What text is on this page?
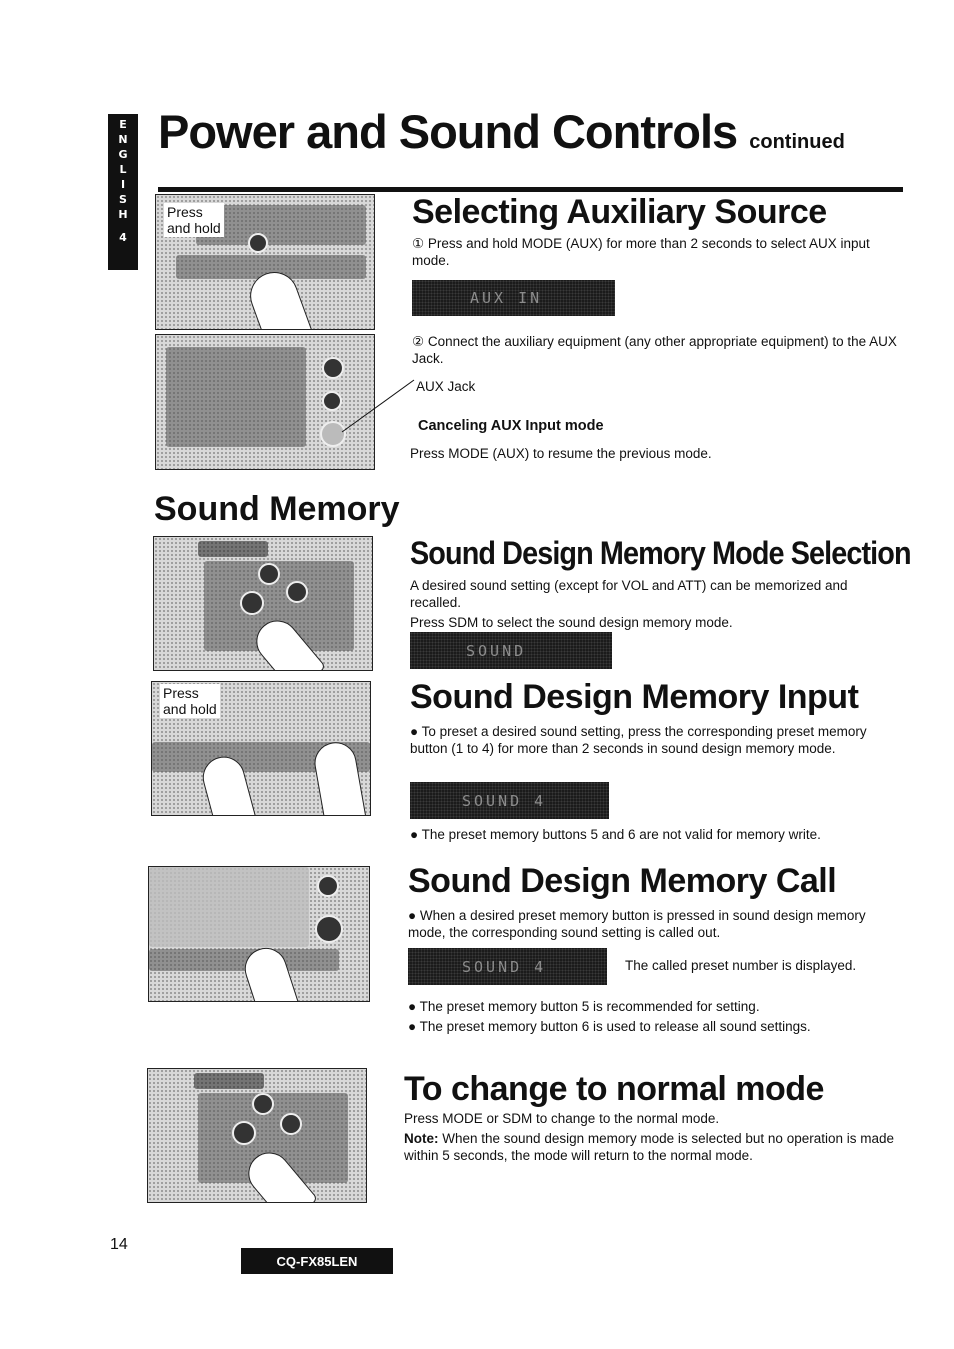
E
N
G
L
I
S
H
4
Power and Sound Controls continued
Press
and hold	Selecting Auxiliary Source
① Press and hold MODE (AUX) for more than 2 seconds to select AUX input mode.
AUX IN
② Connect the auxiliary equipment (any other appropriate equipment) to the AUX Jack.
AUX Jack
Canceling AUX Input mode
Press MODE (AUX) to resume the previous mode.
Sound Memory
Sound Design Memory Mode Selection
A desired sound setting (except for VOL and ATT) can be memorized and recalled.
Press SDM to select the sound design memory mode.
SOUND
Press
and hold	Sound Design Memory Input
● To preset a desired sound setting, press the corresponding preset memory button (1 to 4) for more than 2 seconds in sound design memory mode.
SOUND 4
● The preset memory buttons 5 and 6 are not valid for memory write.
Sound Design Memory Call
● When a desired preset memory button is pressed in sound design memory mode, the corresponding sound setting is called out.
SOUND 4	The called preset number is displayed.
● The preset memory button 5 is recommended for setting.
● The preset memory button 6 is used to release all sound settings.
To change to normal mode
Press MODE or SDM to change to the normal mode.
Note: When the sound design memory mode is selected but no operation is made within 5 seconds, the mode will return to the normal mode.
14
CQ-FX85LEN
